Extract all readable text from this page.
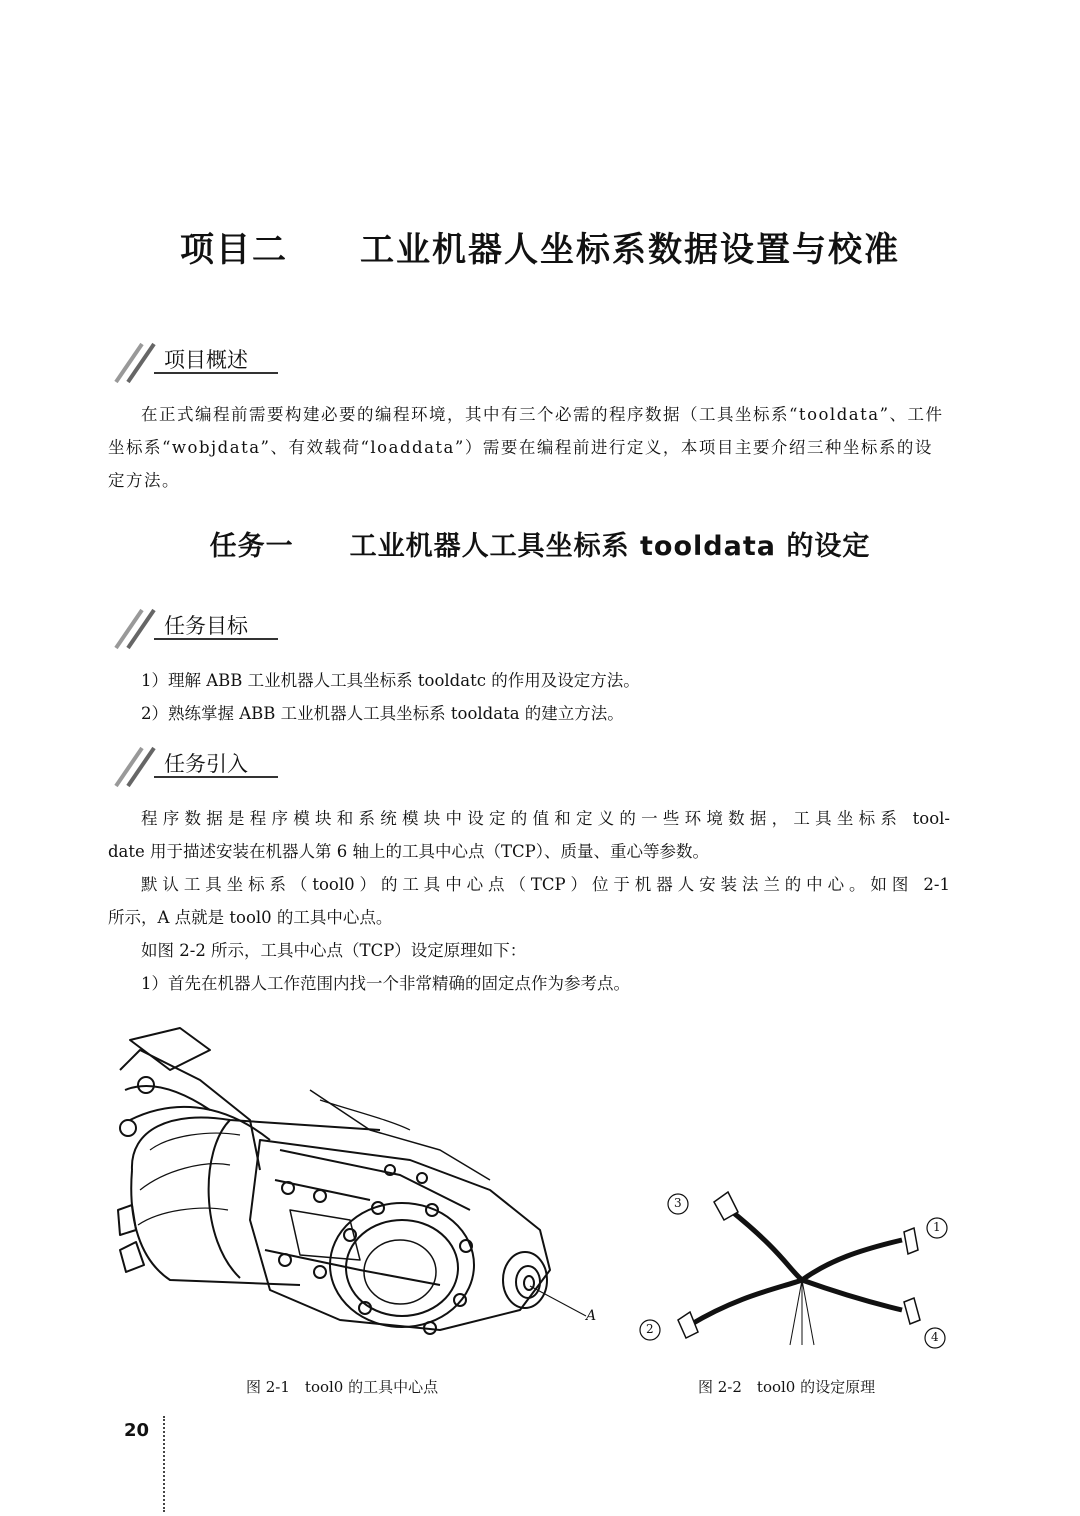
项目二　　 工业机器人坐标系数据设置与校准
项目概述

在正式编程前需要构建必要的编程环境，其中有三个必需的程序数据（工具坐标系“tooldata”、工件坐标系“wobjdata”、有效载荷“loaddata”）需要在编程前进行定义，本项目主要介绍三种坐标系的设定方法。

任务一　　 工业机器人工具坐标系 tooldata 的设定
任务目标

1）理解 ABB 工业机器人工具坐标系 tooldatc 的作用及设定方法。

2）熟练掌握 ABB 工业机器人工具坐标系 tooldata 的建立方法。

任务引入

程序数据是程序模块和系统模块中设定的值和定义的一些环境数据，工具坐标系 tool-

date 用于描述安装在机器人第 6 轴上的工具中心点（TCP）、质量、重心等参数。

默认工具坐标系（tool0）的工具中心点（TCP）位于机器人安装法兰的中心。如图 2-1

所示，A 点就是 tool0 的工具中心点。

如图 2-2 所示，工具中心点（TCP）设定原理如下：

1）首先在机器人工作范围内找一个非常精确的固定点作为参考点。

A
3
1
2
4
图 2-1　tool0 的工具中心点	图 2-2　tool0 的设定原理
20
